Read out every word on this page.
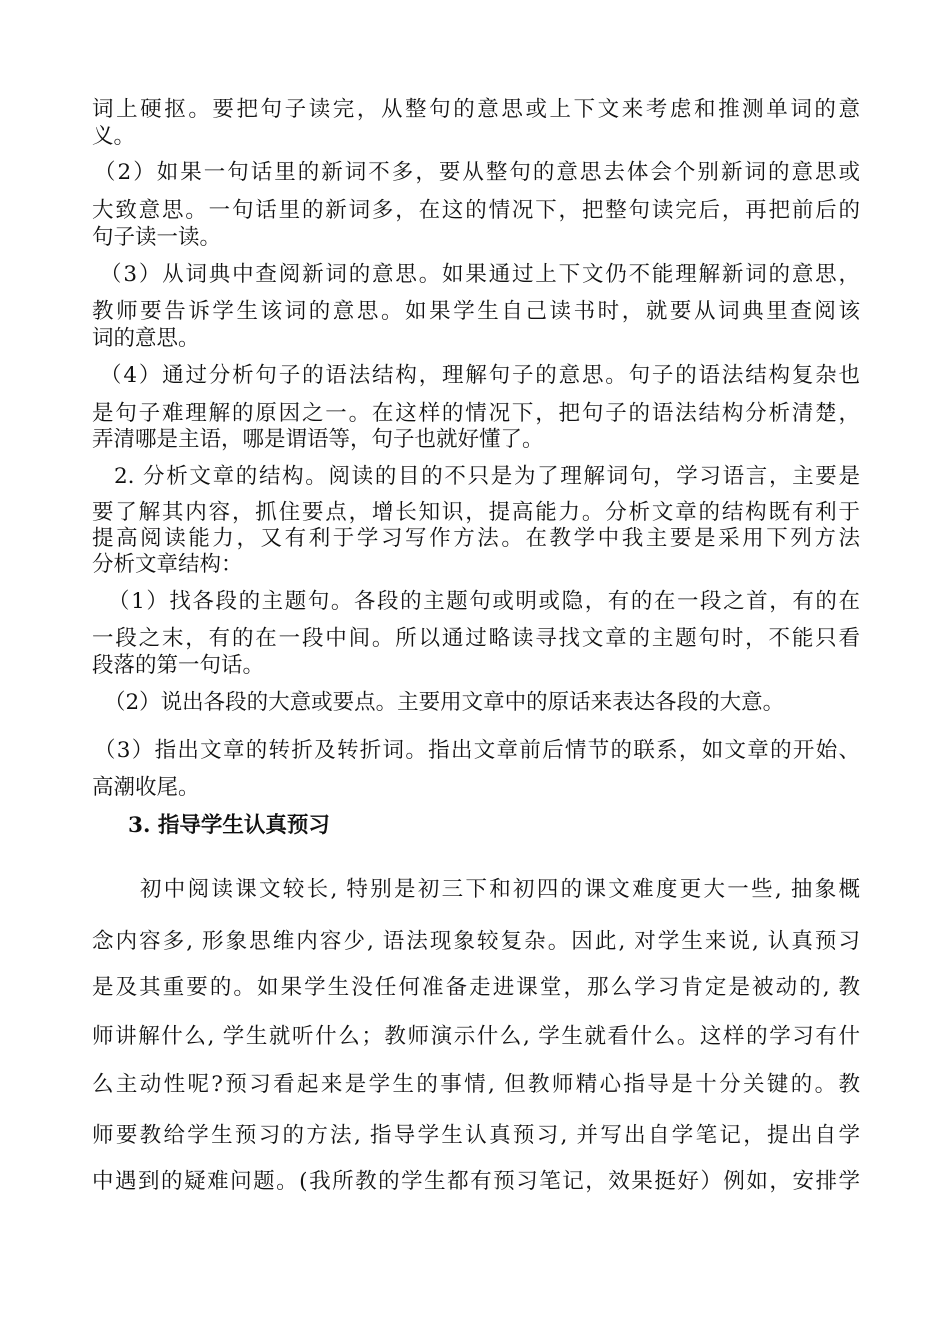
词上硬抠。要把句子读完，从整句的意思或上下文来考虑和推测单词的意
义。
（2）如果一句话里的新词不多，要从整句的意思去体会个别新词的意思或
大致意思。一句话里的新词多，在这的情况下，把整句读完后，再把前后的
句子读一读。
（3）从词典中查阅新词的意思。如果通过上下文仍不能理解新词的意思，
教师要告诉学生该词的意思。如果学生自己读书时，就要从词典里查阅该
词的意思。
（4）通过分析句子的语法结构，理解句子的意思。句子的语法结构复杂也
是句子难理解的原因之一。在这样的情况下，把句子的语法结构分析清楚，
弄清哪是主语，哪是谓语等，句子也就好懂了。
2. 分析文章的结构。阅读的目的不只是为了理解词句，学习语言，主要是
要了解其内容，抓住要点，增长知识，提高能力。分析文章的结构既有利于
提高阅读能力，又有利于学习写作方法。在教学中我主要是采用下列方法
分析文章结构：
（1）找各段的主题句。各段的主题句或明或隐，有的在一段之首，有的在
一段之末，有的在一段中间。所以通过略读寻找文章的主题句时，不能只看
段落的第一句话。
（2）说出各段的大意或要点。主要用文章中的原话来表达各段的大意。
（3）指出文章的转折及转折词。指出文章前后情节的联系，如文章的开始、
高潮收尾。
3. 指导学生认真预习
初中阅读课文较长, 特别是初三下和初四的课文难度更大一些, 抽象概
念内容多, 形象思维内容少, 语法现象较复杂。因此, 对学生来说, 认真预习
是及其重要的。如果学生没任何准备走进课堂，那么学习肯定是被动的, 教
师讲解什么, 学生就听什么；教师演示什么, 学生就看什么。这样的学习有什
么主动性呢?预习看起来是学生的事情, 但教师精心指导是十分关键的。教
师要教给学生预习的方法, 指导学生认真预习, 并写出自学笔记，提出自学
中遇到的疑难问题。(我所教的学生都有预习笔记，效果挺好）例如，安排学
